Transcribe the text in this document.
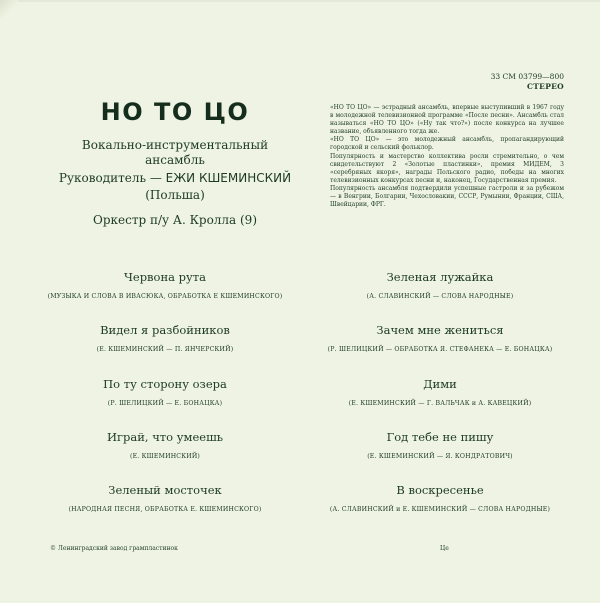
33 СМ 03799—800
СТЕРЕО
НО ТО ЦО
Вокально-инструментальный
ансамбль
Руководитель — ЕЖИ КШЕМИНСКИЙ
(Польша)
Оркестр п/у А. Кролла (9)

«НО ТО ЦО» — эстрадный ансамбль, впервые выступивший в 1967 году в молодежной телевизионной программе «После песни». Ансамбль стал называться «НО ТО ЦО» («Ну так что?») после конкурса на лучшее название, объявленного тогда же.

«НО ТО ЦО» — это молодежный ансамбль, пропагандирующий городской и сельский фольклор.

Популярность и мастерство коллектива росли стремительно, о чем свидетельствуют 2 «Золотые пластинки», премия МИДЕМ, 3 «серебряных якоря», награды Польского радио, победы на многих телевизионных конкурсах песни и, наконец, Государственная премия.

Популярность ансамбля подтвердили успешные гастроли и за рубежом — в Венгрии, Болгарии, Чехословакии, СССР, Румынии, Франции, США, Швейцарии, ФРГ.

Червона рута
(МУЗЫКА И СЛОВА В ИВАСЮКА, ОБРАБОТКА Е КШЕМИНСКОГО)
Видел я разбойников
(Е. КШЕМИНСКИЙ — П. ЯНЧЕРСКИЙ)
По ту сторону озера
(Р. ШЕЛИЦКИЙ — Е. БОНАЦКА)
Играй, что умеешь
(Е. КШЕМИНСКИЙ)
Зеленый мосточек
(НАРОДНАЯ ПЕСНЯ, ОБРАБОТКА Е. КШЕМИНСКОГО)
Зеленая лужайка
(А. СЛАВИНСКИЙ — СЛОВА НАРОДНЫЕ)
Зачем мне жениться
(Р. ШЕЛИЦКИЙ — ОБРАБОТКА Я. СТЕФАНЕКА — Е. БОНАЦКА)
Дими
(Е. КШЕМИНСКИЙ — Г. ВАЛЬЧАК и А. КАВЕЦКИЙ)
Год тебе не пишу
(Е. КШЕМИНСКИЙ — Я. КОНДРАТОВИЧ)
В воскресенье
(А. СЛАВИНСКИЙ и Е. КШЕМИНСКИЙ — СЛОВА НАРОДНЫЕ)
© Ленинградский завод грампластинок	Це
